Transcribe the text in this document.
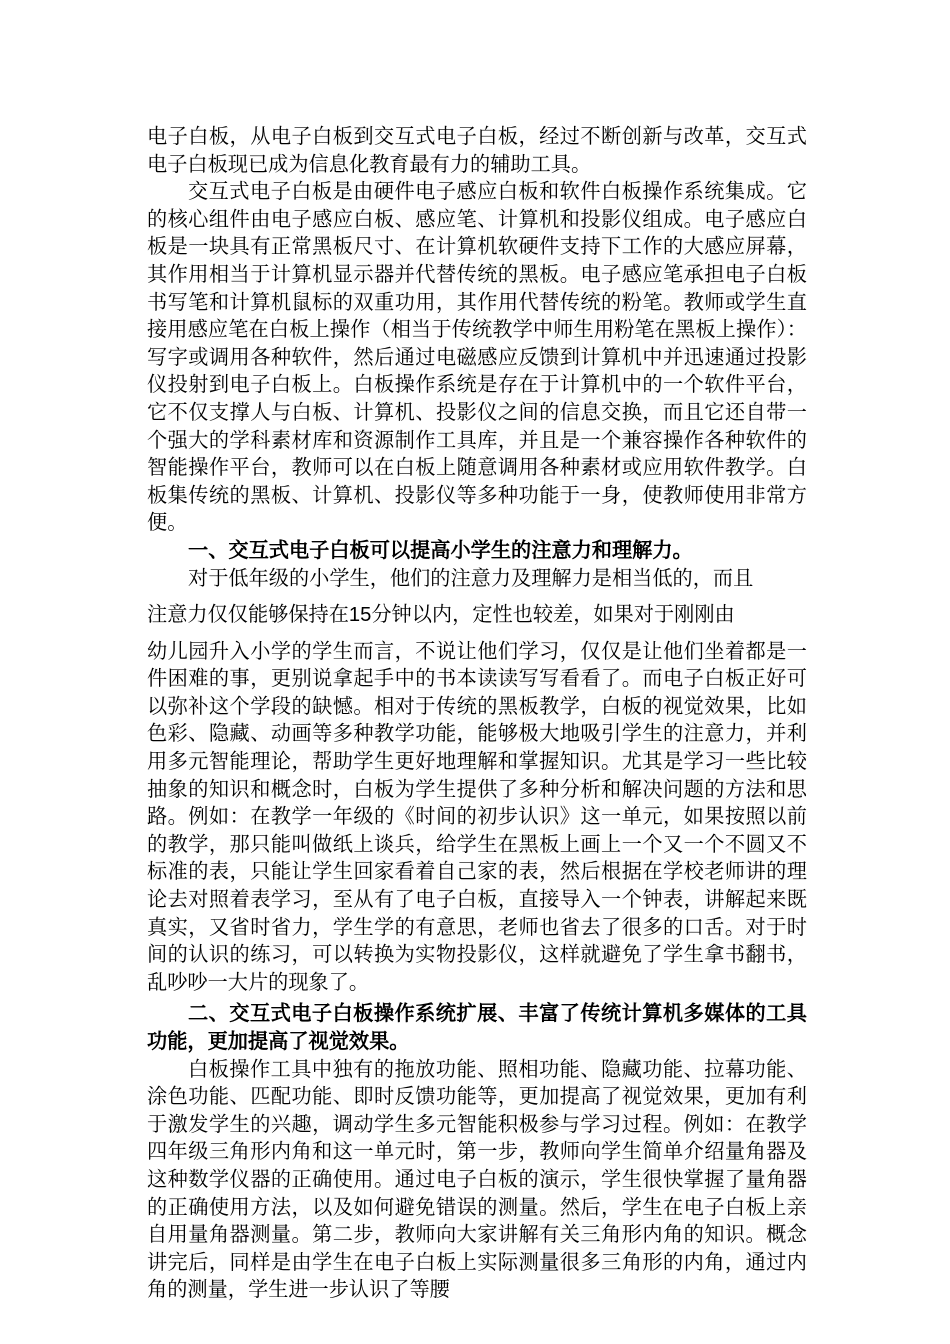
电子白板，从电子白板到交互式电子白板，经过不断创新与改革，交互式电子白板现已成为信息化教育最有力的辅助工具。

交互式电子白板是由硬件电子感应白板和软件白板操作系统集成。它的核心组件由电子感应白板、感应笔、计算机和投影仪组成。电子感应白板是一块具有正常黑板尺寸、在计算机软硬件支持下工作的大感应屏幕，其作用相当于计算机显示器并代替传统的黑板。电子感应笔承担电子白板书写笔和计算机鼠标的双重功用，其作用代替传统的粉笔。教师或学生直接用感应笔在白板上操作（相当于传统教学中师生用粉笔在黑板上操作）：写字或调用各种软件，然后通过电磁感应反馈到计算机中并迅速通过投影仪投射到电子白板上。白板操作系统是存在于计算机中的一个软件平台，它不仅支撑人与白板、计算机、投影仪之间的信息交换，而且它还自带一个强大的学科素材库和资源制作工具库，并且是一个兼容操作各种软件的智能操作平台，教师可以在白板上随意调用各种素材或应用软件教学。白板集传统的黑板、计算机、投影仪等多种功能于一身，使教师使用非常方便。

一、交互式电子白板可以提高小学生的注意力和理解力。

对于低年级的小学生，他们的注意力及理解力是相当低的，而且

注意力仅仅能够保持在15分钟以内，定性也较差，如果对于刚刚由

幼儿园升入小学的学生而言，不说让他们学习，仅仅是让他们坐着都是一件困难的事，更别说拿起手中的书本读读写写看看了。而电子白板正好可以弥补这个学段的缺憾。相对于传统的黑板教学，白板的视觉效果，比如色彩、隐藏、动画等多种教学功能，能够极大地吸引学生的注意力，并利用多元智能理论，帮助学生更好地理解和掌握知识。尤其是学习一些比较抽象的知识和概念时，白板为学生提供了多种分析和解决问题的方法和思路。例如：在教学一年级的《时间的初步认识》这一单元，如果按照以前的教学，那只能叫做纸上谈兵，给学生在黑板上画上一个又一个不圆又不标准的表，只能让学生回家看着自己家的表，然后根据在学校老师讲的理论去对照着表学习，至从有了电子白板，直接导入一个钟表，讲解起来既真实，又省时省力，学生学的有意思，老师也省去了很多的口舌。对于时间的认识的练习，可以转换为实物投影仪，这样就避免了学生拿书翻书，乱吵吵一大片的现象了。

二、交互式电子白板操作系统扩展、丰富了传统计算机多媒体的工具功能，更加提高了视觉效果。

白板操作工具中独有的拖放功能、照相功能、隐藏功能、拉幕功能、涂色功能、匹配功能、即时反馈功能等，更加提高了视觉效果，更加有利于激发学生的兴趣，调动学生多元智能积极参与学习过程。例如：在教学四年级三角形内角和这一单元时，第一步，教师向学生简单介绍量角器及这种数学仪器的正确使用。通过电子白板的演示，学生很快掌握了量角器的正确使用方法，以及如何避免错误的测量。然后，学生在电子白板上亲自用量角器测量。第二步，教师向大家讲解有关三角形内角的知识。概念讲完后，同样是由学生在电子白板上实际测量很多三角形的内角，通过内角的测量，学生进一步认识了等腰
